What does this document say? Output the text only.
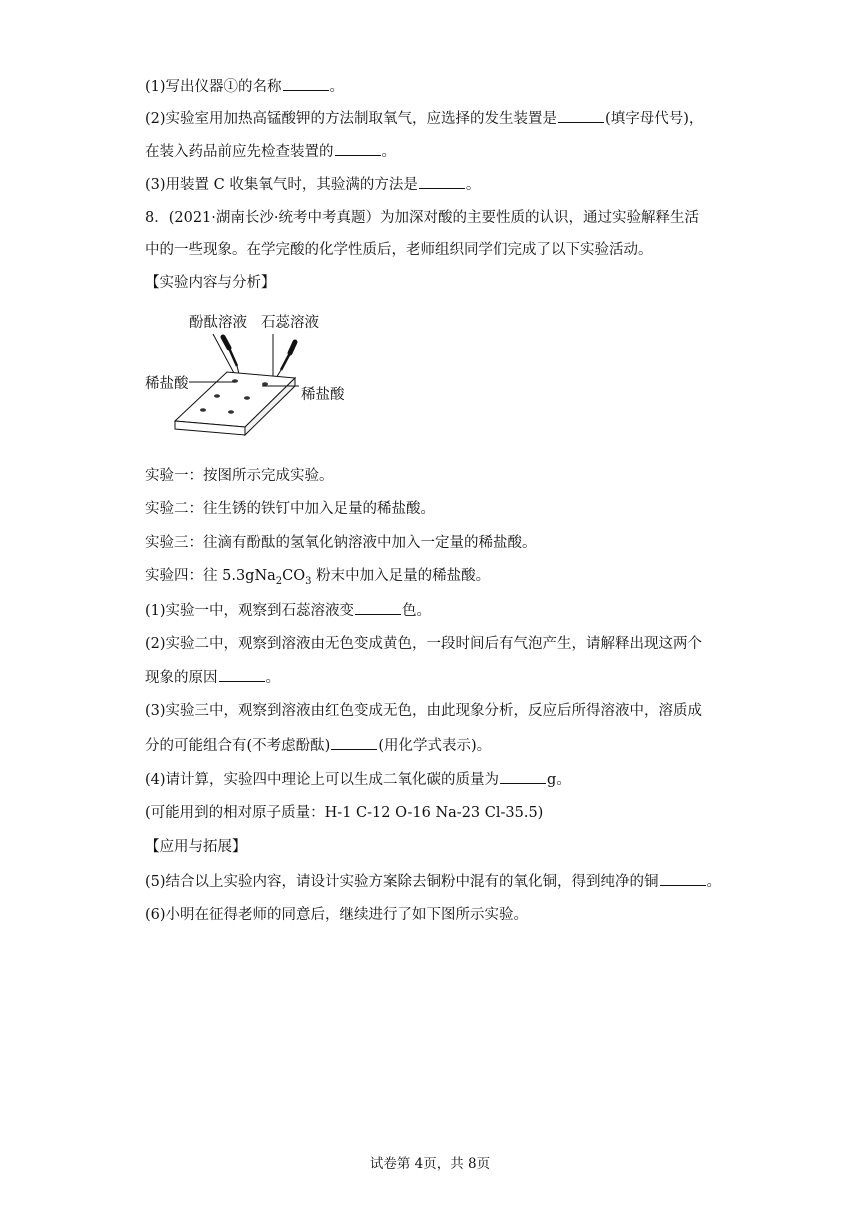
(1)写出仪器①的名称	。
(2)实验室用加热高锰酸钾的方法制取氧气，应选择的发生装置是	(填字母代号)，
在装入药品前应先检查装置的	。
(3)用装置 C 收集氧气时，其验满的方法是	。
8．(2021·湖南长沙·统考中考真题）为加深对酸的主要性质的认识，通过实验解释生活
中的一些现象。在学完酸的化学性质后，老师组织同学们完成了以下实验活动。
【实验内容与分析】
酚酞溶液 石蕊溶液
稀盐酸
稀盐酸
实验一：按图所示完成实验。
实验二：往生锈的铁钉中加入足量的稀盐酸。
实验三：往滴有酚酞的氢氧化钠溶液中加入一定量的稀盐酸。
实验四：往 $5.3gNa_2CO_3$ 粉末中加入足量的稀盐酸。
(1)实验一中，观察到石蕊溶液变	色。
(2)实验二中，观察到溶液由无色变成黄色，一段时间后有气泡产生，请解释出现这两个
现象的原因	。
(3)实验三中，观察到溶液由红色变成无色，由此现象分析，反应后所得溶液中，溶质成
分的可能组合有(不考虑酚酞)	(用化学式表示)。
(4)请计算，实验四中理论上可以生成二氧化碳的质量为	g。
(可能用到的相对原子质量：H-1 C-12 O-16 Na-23 Cl-35.5)
【应用与拓展】
(5)结合以上实验内容，请设计实验方案除去铜粉中混有的氧化铜，得到纯净的铜	。
(6)小明在征得老师的同意后，继续进行了如下图所示实验。
试卷第 4页，共 8页
